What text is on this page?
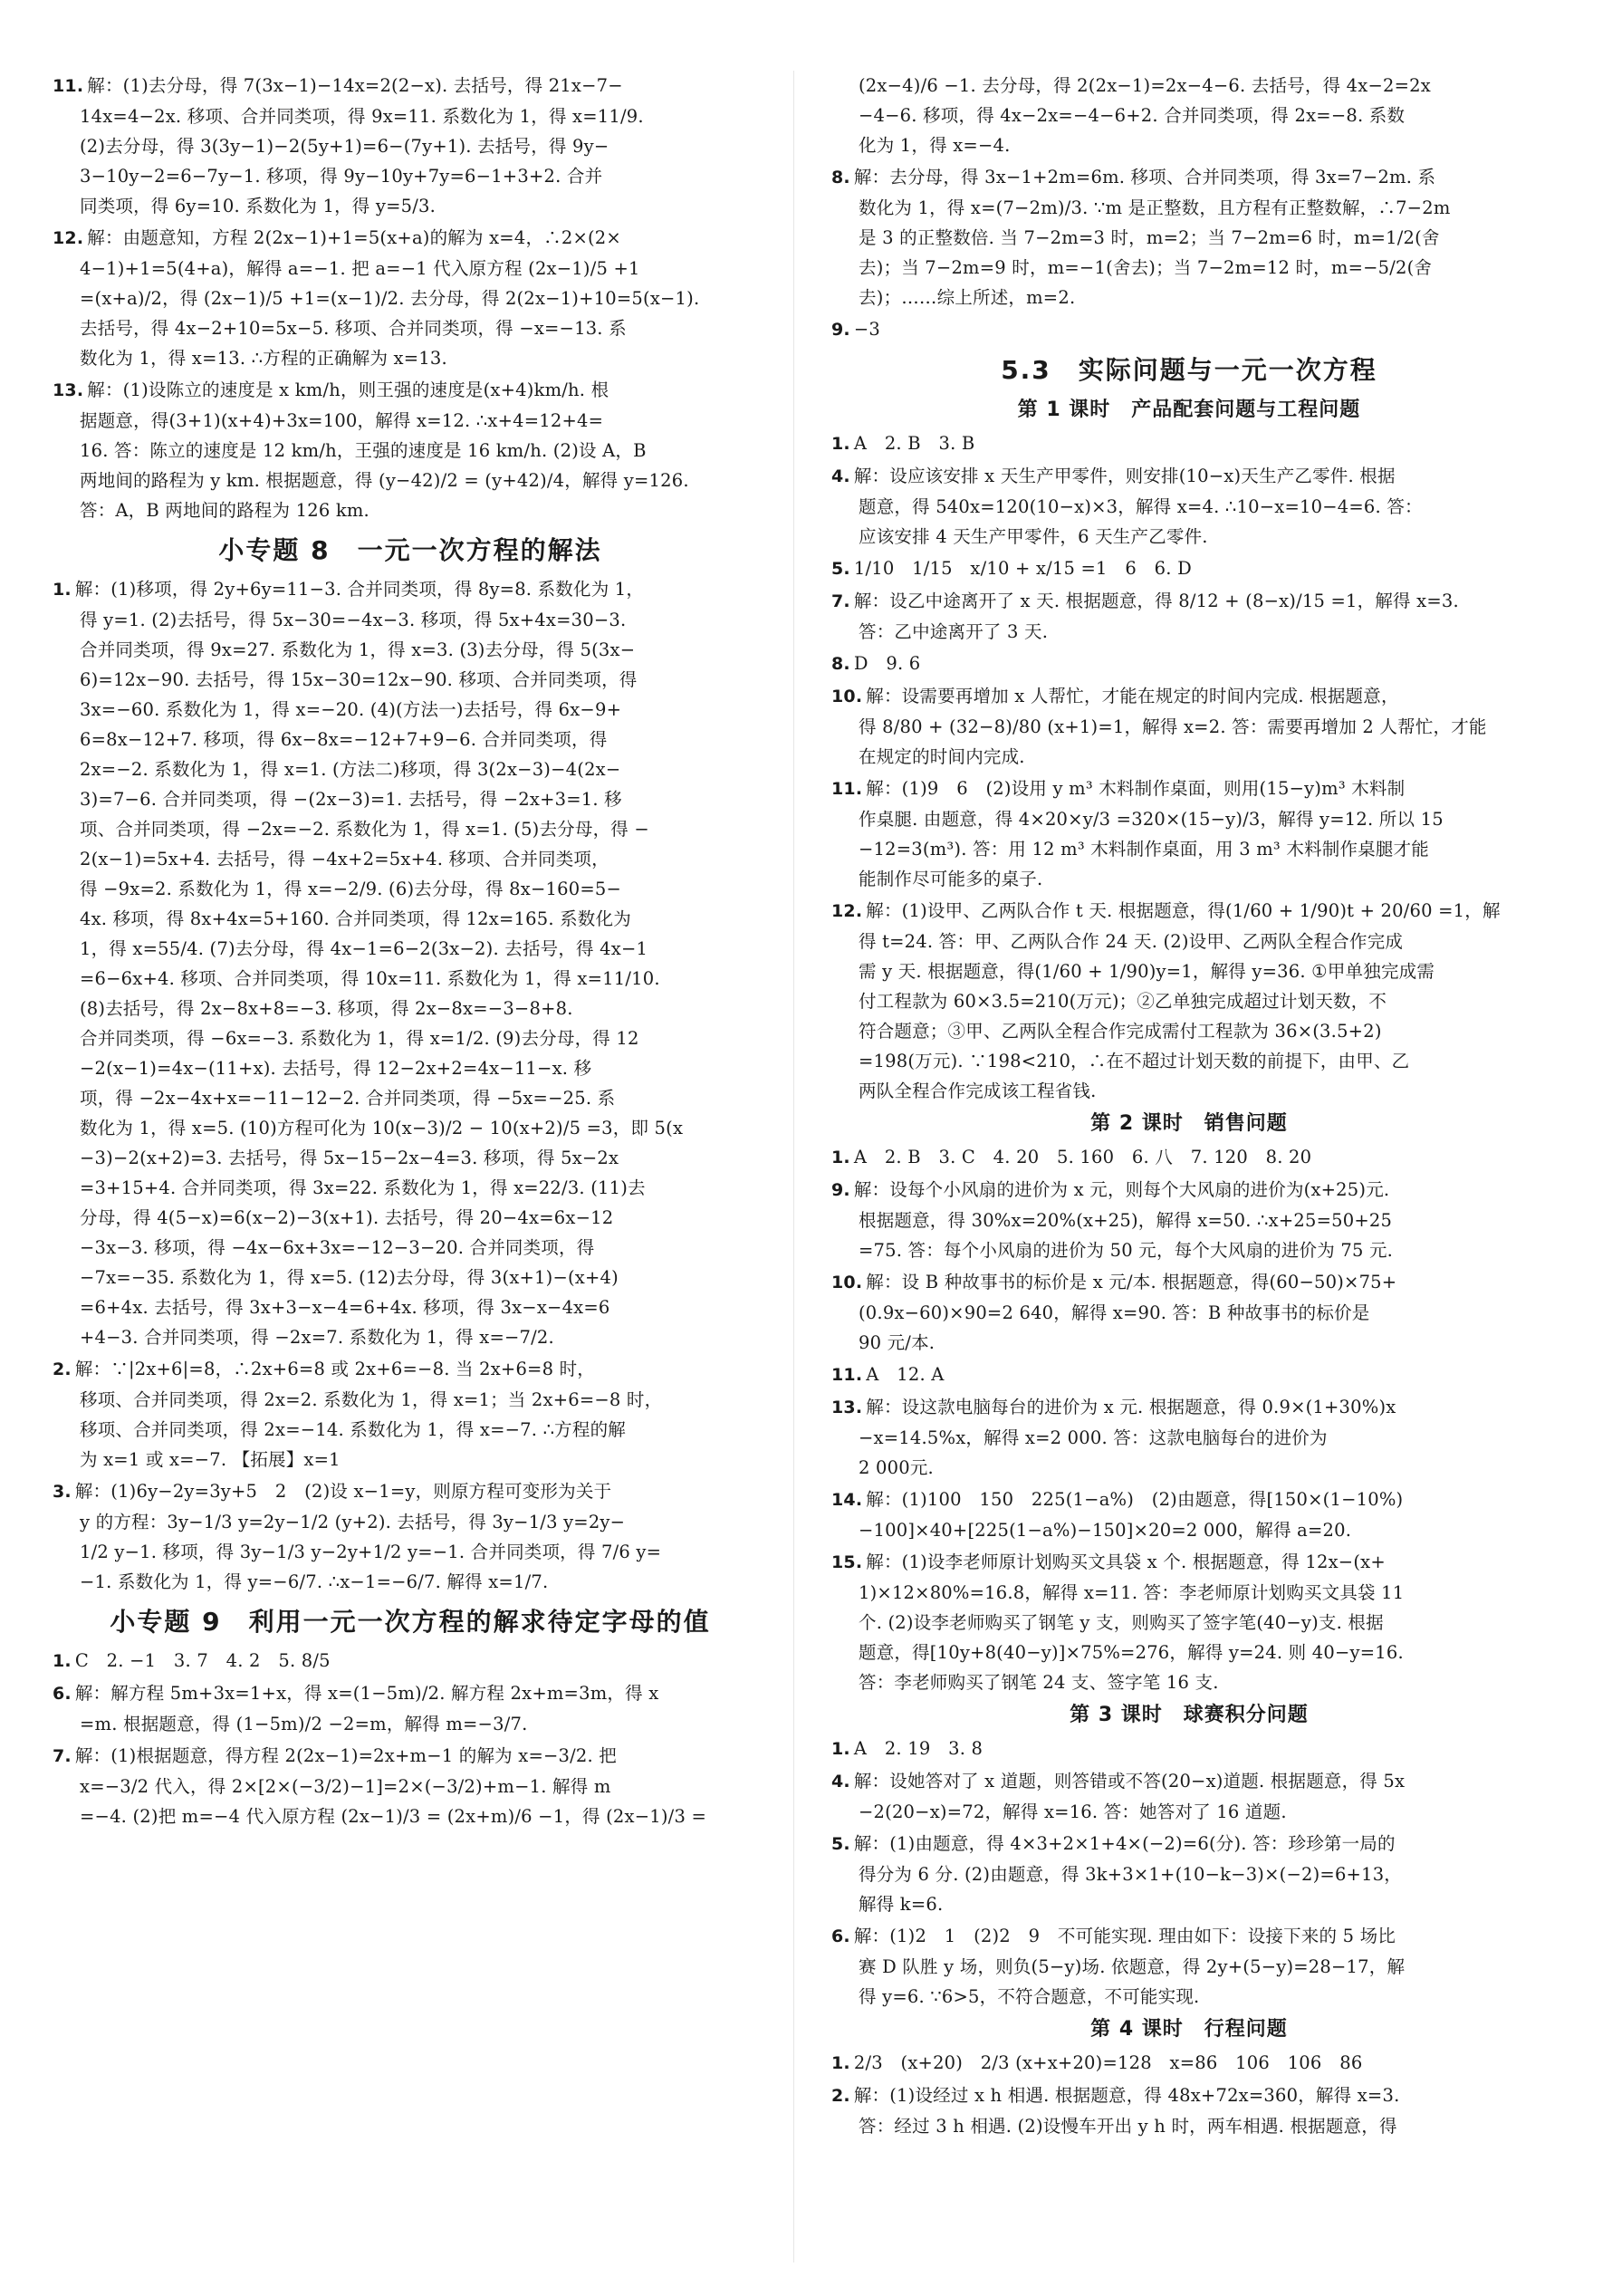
11. 解：(1)去分母，得 7(3x−1)−14x=2(2−x). 去括号，得 21x−7−
14x=4−2x. 移项、合并同类项，得 9x=11. 系数化为 1，得 x=11/9.
(2)去分母，得 3(3y−1)−2(5y+1)=6−(7y+1). 去括号，得 9y−
3−10y−2=6−7y−1. 移项，得 9y−10y+7y=6−1+3+2. 合并
同类项，得 6y=10. 系数化为 1，得 y=5/3.
12. 解：由题意知，方程 2(2x−1)+1=5(x+a)的解为 x=4，∴2×(2×
4−1)+1=5(4+a)，解得 a=−1. 把 a=−1 代入原方程 (2x−1)/5 +1
=(x+a)/2，得 (2x−1)/5 +1=(x−1)/2. 去分母，得 2(2x−1)+10=5(x−1).
去括号，得 4x−2+10=5x−5. 移项、合并同类项，得 −x=−13. 系
数化为 1，得 x=13. ∴方程的正确解为 x=13.
13. 解：(1)设陈立的速度是 x km/h，则王强的速度是(x+4)km/h. 根
据题意，得(3+1)(x+4)+3x=100，解得 x=12. ∴x+4=12+4=
16. 答：陈立的速度是 12 km/h，王强的速度是 16 km/h. (2)设 A，B
两地间的路程为 y km. 根据题意，得 (y−42)/2 = (y+42)/4，解得 y=126.
答：A，B 两地间的路程为 126 km.
小专题 8　一元一次方程的解法
1. 解：(1)移项，得 2y+6y=11−3. 合并同类项，得 8y=8. 系数化为 1，
得 y=1. (2)去括号，得 5x−30=−4x−3. 移项，得 5x+4x=30−3.
合并同类项，得 9x=27. 系数化为 1，得 x=3. (3)去分母，得 5(3x−
6)=12x−90. 去括号，得 15x−30=12x−90. 移项、合并同类项，得
3x=−60. 系数化为 1，得 x=−20. (4)(方法一)去括号，得 6x−9+
6=8x−12+7. 移项，得 6x−8x=−12+7+9−6. 合并同类项，得
2x=−2. 系数化为 1，得 x=1. (方法二)移项，得 3(2x−3)−4(2x−
3)=7−6. 合并同类项，得 −(2x−3)=1. 去括号，得 −2x+3=1. 移
项、合并同类项，得 −2x=−2. 系数化为 1，得 x=1. (5)去分母，得 −
2(x−1)=5x+4. 去括号，得 −4x+2=5x+4. 移项、合并同类项，
得 −9x=2. 系数化为 1，得 x=−2/9. (6)去分母，得 8x−160=5−
4x. 移项，得 8x+4x=5+160. 合并同类项，得 12x=165. 系数化为
1，得 x=55/4. (7)去分母，得 4x−1=6−2(3x−2). 去括号，得 4x−1
=6−6x+4. 移项、合并同类项，得 10x=11. 系数化为 1，得 x=11/10.
(8)去括号，得 2x−8x+8=−3. 移项，得 2x−8x=−3−8+8.
合并同类项，得 −6x=−3. 系数化为 1，得 x=1/2. (9)去分母，得 12
−2(x−1)=4x−(11+x). 去括号，得 12−2x+2=4x−11−x. 移
项，得 −2x−4x+x=−11−12−2. 合并同类项，得 −5x=−25. 系
数化为 1，得 x=5. (10)方程可化为 10(x−3)/2 − 10(x+2)/5 =3，即 5(x
−3)−2(x+2)=3. 去括号，得 5x−15−2x−4=3. 移项，得 5x−2x
=3+15+4. 合并同类项，得 3x=22. 系数化为 1，得 x=22/3. (11)去
分母，得 4(5−x)=6(x−2)−3(x+1). 去括号，得 20−4x=6x−12
−3x−3. 移项，得 −4x−6x+3x=−12−3−20. 合并同类项，得
−7x=−35. 系数化为 1，得 x=5. (12)去分母，得 3(x+1)−(x+4)
=6+4x. 去括号，得 3x+3−x−4=6+4x. 移项，得 3x−x−4x=6
+4−3. 合并同类项，得 −2x=7. 系数化为 1，得 x=−7/2.
2. 解：∵|2x+6|=8，∴2x+6=8 或 2x+6=−8. 当 2x+6=8 时，
移项、合并同类项，得 2x=2. 系数化为 1，得 x=1；当 2x+6=−8 时，
移项、合并同类项，得 2x=−14. 系数化为 1，得 x=−7. ∴方程的解
为 x=1 或 x=−7. 【拓展】x=1
3. 解：(1)6y−2y=3y+5　2　(2)设 x−1=y，则原方程可变形为关于
y 的方程：3y−1/3 y=2y−1/2 (y+2). 去括号，得 3y−1/3 y=2y−
1/2 y−1. 移项，得 3y−1/3 y−2y+1/2 y=−1. 合并同类项，得 7/6 y=
−1. 系数化为 1，得 y=−6/7. ∴x−1=−6/7. 解得 x=1/7.
小专题 9　利用一元一次方程的解求待定字母的值
1. C　2. −1　3. 7　4. 2　5. 8/5
6. 解：解方程 5m+3x=1+x，得 x=(1−5m)/2. 解方程 2x+m=3m，得 x
=m. 根据题意，得 (1−5m)/2 −2=m，解得 m=−3/7.
7. 解：(1)根据题意，得方程 2(2x−1)=2x+m−1 的解为 x=−3/2. 把
x=−3/2 代入，得 2×[2×(−3/2)−1]=2×(−3/2)+m−1. 解得 m
=−4. (2)把 m=−4 代入原方程 (2x−1)/3 = (2x+m)/6 −1，得 (2x−1)/3 =
(2x−4)/6 −1. 去分母，得 2(2x−1)=2x−4−6. 去括号，得 4x−2=2x
−4−6. 移项，得 4x−2x=−4−6+2. 合并同类项，得 2x=−8. 系数
化为 1，得 x=−4.
8. 解：去分母，得 3x−1+2m=6m. 移项、合并同类项，得 3x=7−2m. 系
数化为 1，得 x=(7−2m)/3. ∵m 是正整数，且方程有正整数解，∴7−2m
是 3 的正整数倍. 当 7−2m=3 时，m=2；当 7−2m=6 时，m=1/2(舍
去)；当 7−2m=9 时，m=−1(舍去)；当 7−2m=12 时，m=−5/2(舍
去)；……综上所述，m=2.
9. −3
5.3　实际问题与一元一次方程
第 1 课时　产品配套问题与工程问题
1. A　2. B　3. B
4. 解：设应该安排 x 天生产甲零件，则安排(10−x)天生产乙零件. 根据
题意，得 540x=120(10−x)×3，解得 x=4. ∴10−x=10−4=6. 答：
应该安排 4 天生产甲零件，6 天生产乙零件.
5. 1/10　1/15　x/10 + x/15 =1　6　6. D
7. 解：设乙中途离开了 x 天. 根据题意，得 8/12 + (8−x)/15 =1，解得 x=3.
答：乙中途离开了 3 天.
8. D　9. 6
10. 解：设需要再增加 x 人帮忙，才能在规定的时间内完成. 根据题意，
得 8/80 + (32−8)/80 (x+1)=1，解得 x=2. 答：需要再增加 2 人帮忙，才能
在规定的时间内完成.
11. 解：(1)9　6　(2)设用 y m³ 木料制作桌面，则用(15−y)m³ 木料制
作桌腿. 由题意，得 4×20×y/3 =320×(15−y)/3，解得 y=12. 所以 15
−12=3(m³). 答：用 12 m³ 木料制作桌面，用 3 m³ 木料制作桌腿才能
能制作尽可能多的桌子.
12. 解：(1)设甲、乙两队合作 t 天. 根据题意，得(1/60 + 1/90)t + 20/60 =1，解
得 t=24. 答：甲、乙两队合作 24 天. (2)设甲、乙两队全程合作完成
需 y 天. 根据题意，得(1/60 + 1/90)y=1，解得 y=36. ①甲单独完成需
付工程款为 60×3.5=210(万元)；②乙单独完成超过计划天数，不
符合题意；③甲、乙两队全程合作完成需付工程款为 36×(3.5+2)
=198(万元). ∵198<210，∴在不超过计划天数的前提下，由甲、乙
两队全程合作完成该工程省钱.
第 2 课时　销售问题
1. A　2. B　3. C　4. 20　5. 160　6. 八　7. 120　8. 20
9. 解：设每个小风扇的进价为 x 元，则每个大风扇的进价为(x+25)元.
根据题意，得 30%x=20%(x+25)，解得 x=50. ∴x+25=50+25
=75. 答：每个小风扇的进价为 50 元，每个大风扇的进价为 75 元.
10. 解：设 B 种故事书的标价是 x 元/本. 根据题意，得(60−50)×75+
(0.9x−60)×90=2 640，解得 x=90. 答：B 种故事书的标价是
90 元/本.
11. A　12. A
13. 解：设这款电脑每台的进价为 x 元. 根据题意，得 0.9×(1+30%)x
−x=14.5%x，解得 x=2 000. 答：这款电脑每台的进价为
2 000元.
14. 解：(1)100　150　225(1−a%)　(2)由题意，得[150×(1−10%)
−100]×40+[225(1−a%)−150]×20=2 000，解得 a=20.
15. 解：(1)设李老师原计划购买文具袋 x 个. 根据题意，得 12x−(x+
1)×12×80%=16.8，解得 x=11. 答：李老师原计划购买文具袋 11
个. (2)设李老师购买了钢笔 y 支，则购买了签字笔(40−y)支. 根据
题意，得[10y+8(40−y)]×75%=276，解得 y=24. 则 40−y=16.
答：李老师购买了钢笔 24 支、签字笔 16 支.
第 3 课时　球赛积分问题
1. A　2. 19　3. 8
4. 解：设她答对了 x 道题，则答错或不答(20−x)道题. 根据题意，得 5x
−2(20−x)=72，解得 x=16. 答：她答对了 16 道题.
5. 解：(1)由题意，得 4×3+2×1+4×(−2)=6(分). 答：珍珍第一局的
得分为 6 分. (2)由题意，得 3k+3×1+(10−k−3)×(−2)=6+13，
解得 k=6.
6. 解：(1)2　1　(2)2　9　不可能实现. 理由如下：设接下来的 5 场比
赛 D 队胜 y 场，则负(5−y)场. 依题意，得 2y+(5−y)=28−17，解
得 y=6. ∵6>5，不符合题意，不可能实现.
第 4 课时　行程问题
1. 2/3　(x+20)　2/3 (x+x+20)=128　x=86　106　106　86
2. 解：(1)设经过 x h 相遇. 根据题意，得 48x+72x=360，解得 x=3.
答：经过 3 h 相遇. (2)设慢车开出 y h 时，两车相遇. 根据题意，得
